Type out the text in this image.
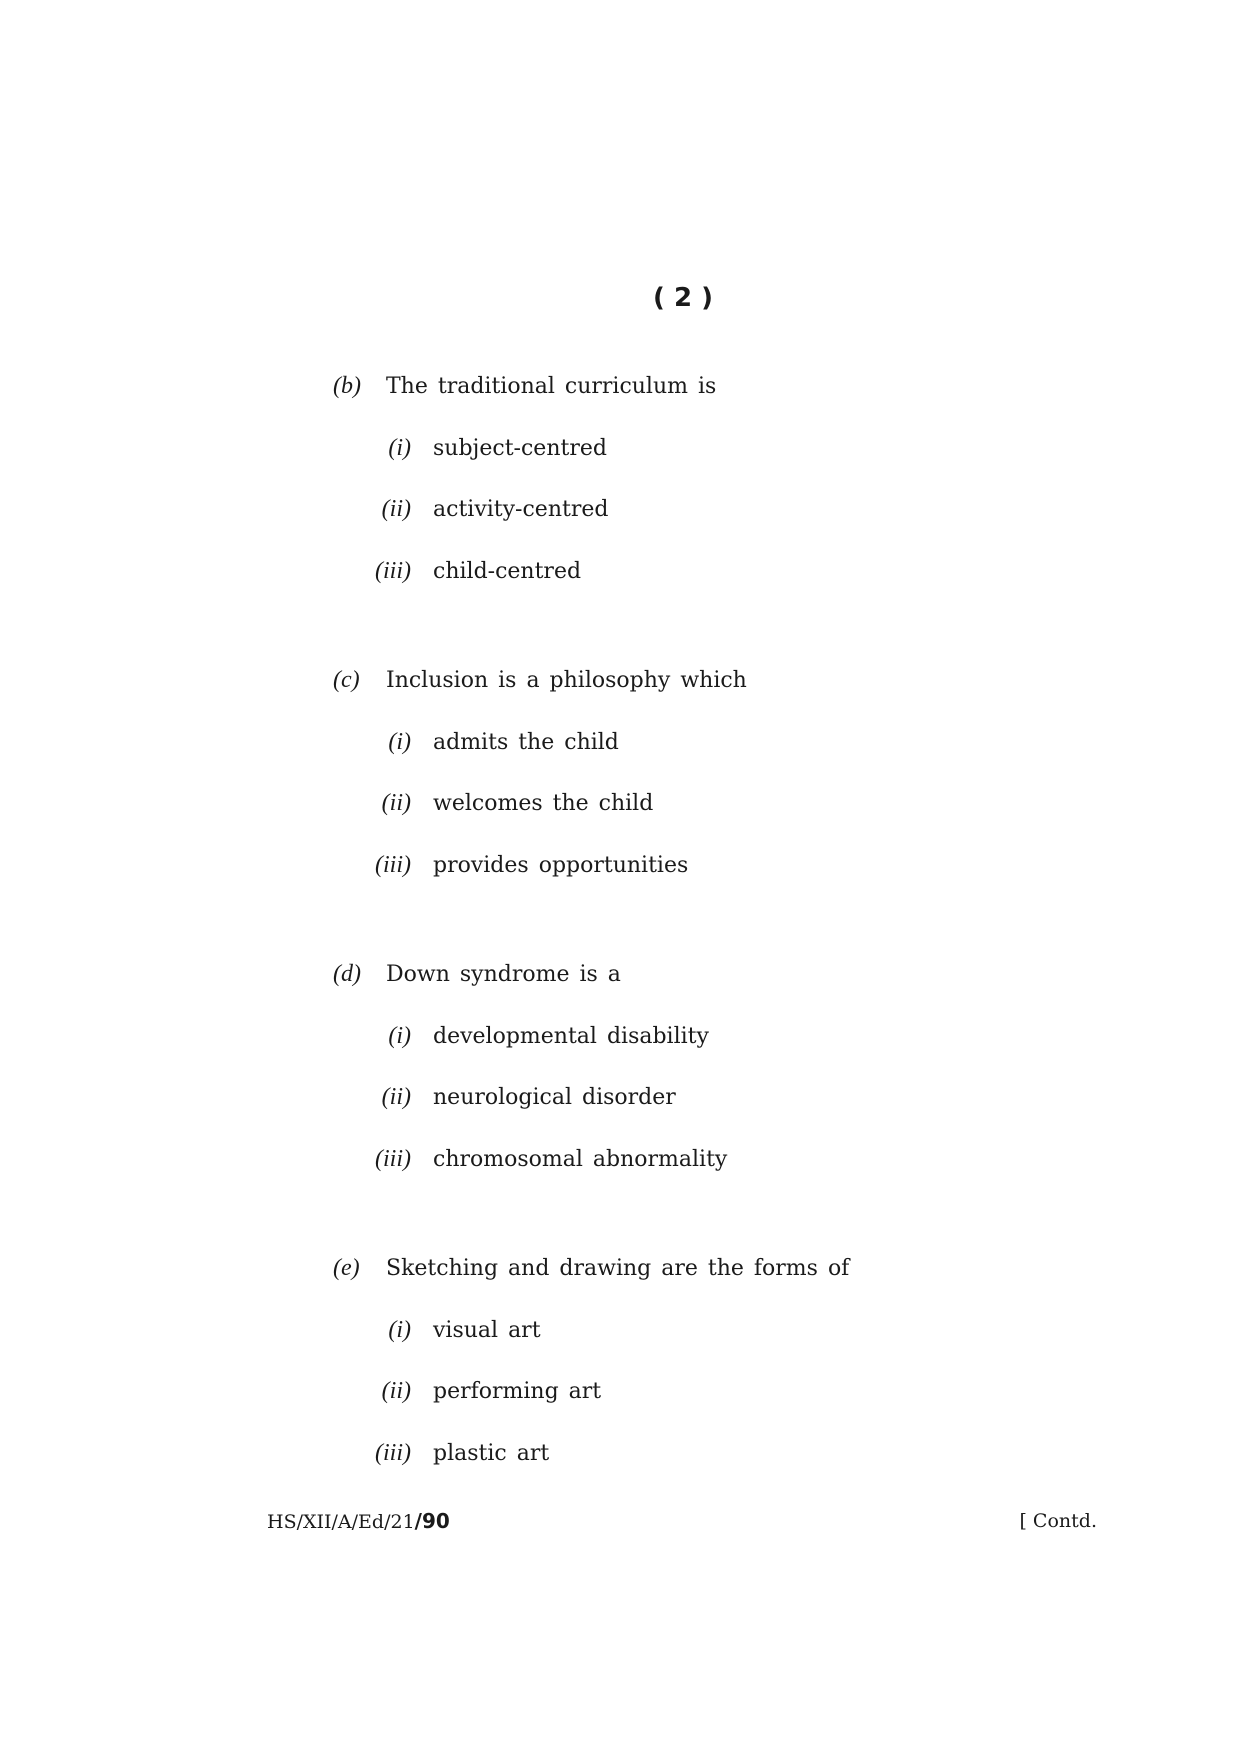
( 2 )
(b) The traditional curriculum is
(i) subject-centred
(ii) activity-centred
(iii) child-centred
(c) Inclusion is a philosophy which
(i) admits the child
(ii) welcomes the child
(iii) provides opportunities
(d) Down syndrome is a
(i) developmental disability
(ii) neurological disorder
(iii) chromosomal abnormality
(e) Sketching and drawing are the forms of
(i) visual art
(ii) performing art
(iii) plastic art
HS/XII/A/Ed/21/90	[ Contd.
